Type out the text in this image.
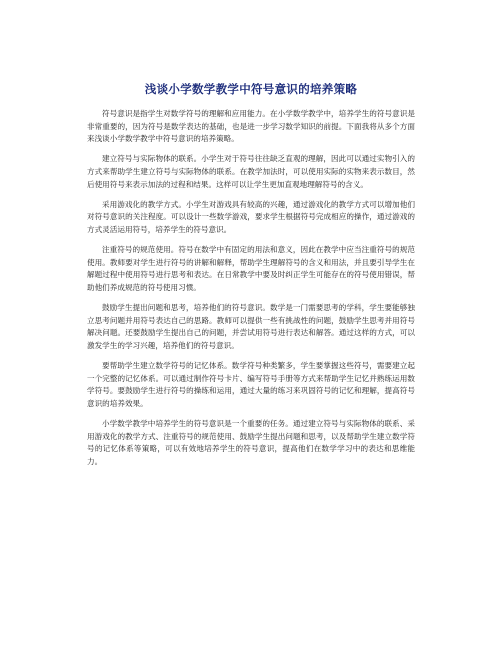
浅谈小学数学教学中符号意识的培养策略

符号意识是指学生对数学符号的理解和应用能力。在小学数学教学中，培养学生的符号意识是非常重要的，因为符号是数学表达的基础，也是进一步学习数学知识的前提。下面我将从多个方面来浅谈小学数学教学中符号意识的培养策略。

建立符号与实际物体的联系。小学生对于符号往往缺乏直观的理解，因此可以通过实物引入的方式来帮助学生建立符号与实际物体的联系。在教学加法时，可以使用实际的实物来表示数目，然后使用符号来表示加法的过程和结果。这样可以让学生更加直观地理解符号的含义。

采用游戏化的教学方式。小学生对游戏具有较高的兴趣，通过游戏化的教学方式可以增加他们对符号意识的关注程度。可以设计一些数学游戏，要求学生根据符号完成相应的操作，通过游戏的方式灵活运用符号，培养学生的符号意识。

注重符号的规范使用。符号在数学中有固定的用法和意义，因此在教学中应当注重符号的规范使用。教师要对学生进行符号的讲解和解释，帮助学生理解符号的含义和用法，并且要引导学生在解题过程中使用符号进行思考和表达。在日常教学中要及时纠正学生可能存在的符号使用错误，帮助他们养成规范的符号使用习惯。

鼓励学生提出问题和思考，培养他们的符号意识。数学是一门需要思考的学科，学生要能够独立思考问题并用符号表达自己的思路。教师可以提供一些有挑战性的问题，鼓励学生思考并用符号解决问题。还要鼓励学生提出自己的问题，并尝试用符号进行表达和解答。通过这样的方式，可以激发学生的学习兴趣，培养他们的符号意识。

要帮助学生建立数学符号的记忆体系。数学符号种类繁多，学生要掌握这些符号，需要建立起一个完整的记忆体系。可以通过制作符号卡片、编写符号手册等方式来帮助学生记忆并熟练运用数学符号。要鼓励学生进行符号的操练和运用，通过大量的练习来巩固符号的记忆和理解，提高符号意识的培养效果。

小学数学教学中培养学生的符号意识是一个重要的任务。通过建立符号与实际物体的联系、采用游戏化的教学方式、注重符号的规范使用、鼓励学生提出问题和思考，以及帮助学生建立数学符号的记忆体系等策略，可以有效地培养学生的符号意识，提高他们在数学学习中的表达和思维能力。
